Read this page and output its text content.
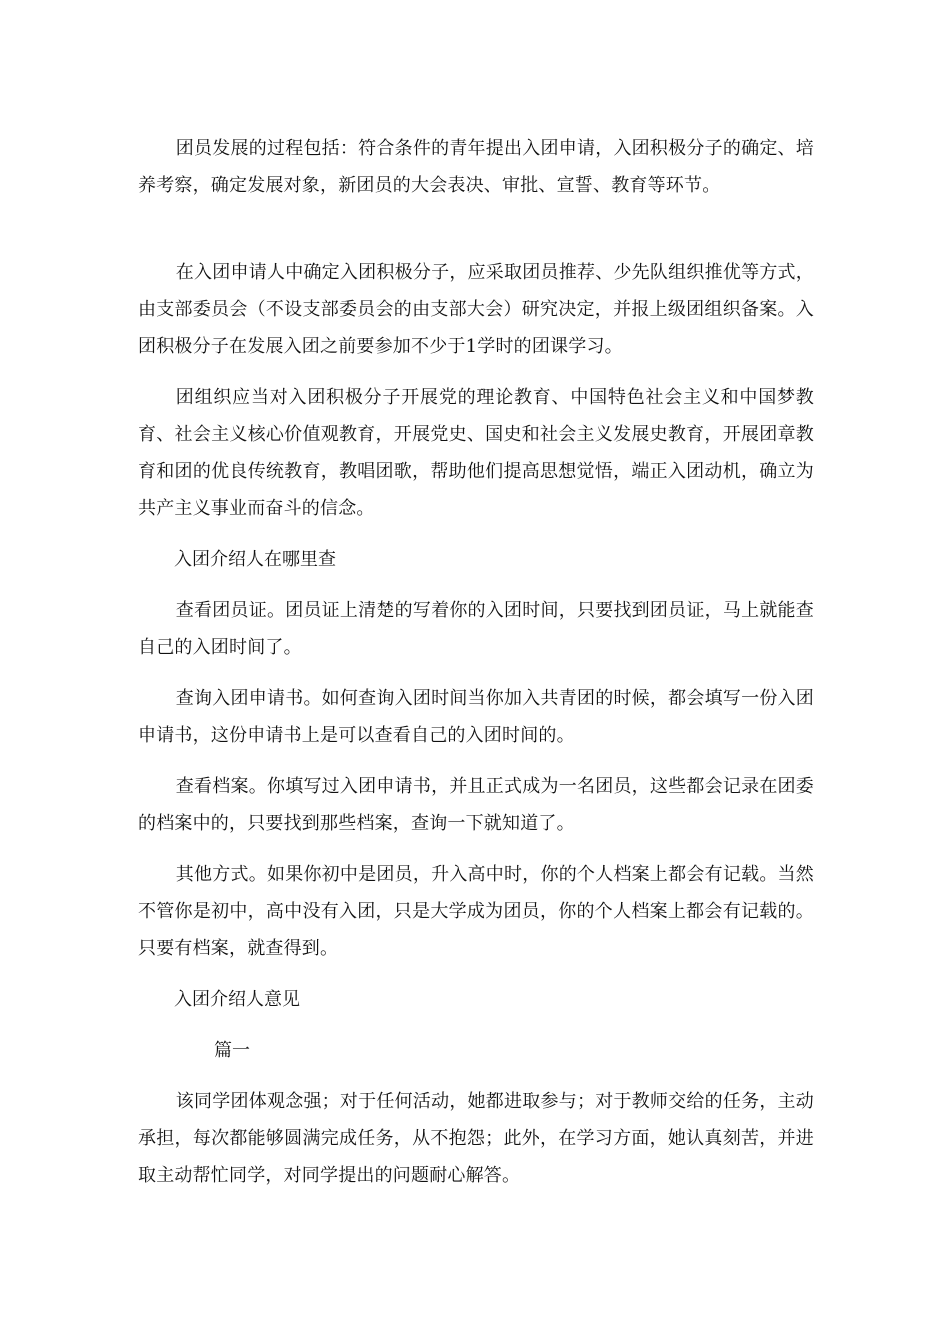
团员发展的过程包括：符合条件的青年提出入团申请，入团积极分子的确定、培养考察，确定发展对象，新团员的大会表决、审批、宣誓、教育等环节。

在入团申请人中确定入团积极分子，应采取团员推荐、少先队组织推优等方式，由支部委员会（不设支部委员会的由支部大会）研究决定，并报上级团组织备案。入团积极分子在发展入团之前要参加不少于1学时的团课学习。

团组织应当对入团积极分子开展党的理论教育、中国特色社会主义和中国梦教育、社会主义核心价值观教育，开展党史、国史和社会主义发展史教育，开展团章教育和团的优良传统教育，教唱团歌，帮助他们提高思想觉悟，端正入团动机，确立为共产主义事业而奋斗的信念。

入团介绍人在哪里查

查看团员证。团员证上清楚的写着你的入团时间，只要找到团员证，马上就能查自己的入团时间了。

查询入团申请书。如何查询入团时间当你加入共青团的时候，都会填写一份入团申请书，这份申请书上是可以查看自己的入团时间的。

查看档案。你填写过入团申请书，并且正式成为一名团员，这些都会记录在团委的档案中的，只要找到那些档案，查询一下就知道了。

其他方式。如果你初中是团员，升入高中时，你的个人档案上都会有记载。当然不管你是初中，高中没有入团，只是大学成为团员，你的个人档案上都会有记载的。只要有档案，就查得到。

入团介绍人意见

篇一

该同学团体观念强；对于任何活动，她都进取参与；对于教师交给的任务，主动承担，每次都能够圆满完成任务，从不抱怨；此外，在学习方面，她认真刻苦，并进取主动帮忙同学，对同学提出的问题耐心解答。
